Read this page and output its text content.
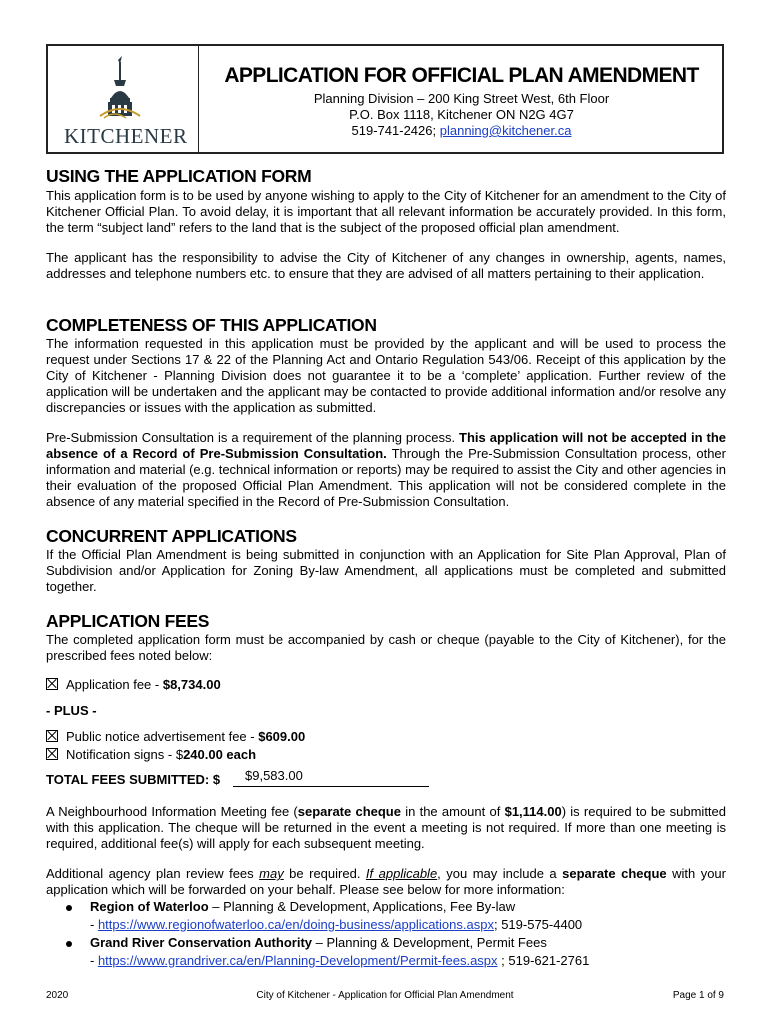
KITCHENER
APPLICATION FOR OFFICIAL PLAN AMENDMENT
Planning Division – 200 King Street West, 6th Floor
P.O. Box 1118, Kitchener ON N2G 4G7
519-741-2426; planning@kitchener.ca
USING THE APPLICATION FORM
This application form is to be used by anyone wishing to apply to the City of Kitchener for an amendment to the City of Kitchener Official Plan. To avoid delay, it is important that all relevant information be accurately provided. In this form, the term “subject land” refers to the land that is the subject of the proposed official plan amendment.
The applicant has the responsibility to advise the City of Kitchener of any changes in ownership, agents, names, addresses and telephone numbers etc. to ensure that they are advised of all matters pertaining to their application.
COMPLETENESS OF THIS APPLICATION
The information requested in this application must be provided by the applicant and will be used to process the request under Sections 17 & 22 of the Planning Act and Ontario Regulation 543/06. Receipt of this application by the City of Kitchener - Planning Division does not guarantee it to be a ‘complete’ application. Further review of the application will be undertaken and the applicant may be contacted to provide additional information and/or resolve any discrepancies or issues with the application as submitted.
Pre-Submission Consultation is a requirement of the planning process. This application will not be accepted in the absence of a Record of Pre-Submission Consultation. Through the Pre-Submission Consultation process, other information and material (e.g. technical information or reports) may be required to assist the City and other agencies in their evaluation of the proposed Official Plan Amendment. This application will not be considered complete in the absence of any material specified in the Record of Pre-Submission Consultation.
CONCURRENT APPLICATIONS
If the Official Plan Amendment is being submitted in conjunction with an Application for Site Plan Approval, Plan of Subdivision and/or Application for Zoning By-law Amendment, all applications must be completed and submitted together.
APPLICATION FEES
The completed application form must be accompanied by cash or cheque (payable to the City of Kitchener), for the prescribed fees noted below:
Application fee - $8,734.00
- PLUS -
Public notice advertisement fee - $609.00
Notification signs - $240.00 each
TOTAL FEES SUBMITTED: $ $9,583.00
A Neighbourhood Information Meeting fee (separate cheque in the amount of $1,114.00) is required to be submitted with this application. The cheque will be returned in the event a meeting is not required. If more than one meeting is required, additional fee(s) will apply for each subsequent meeting.
Additional agency plan review fees may be required. If applicable, you may include a separate cheque with your application which will be forwarded on your behalf. Please see below for more information:
Region of Waterloo – Planning & Development, Applications, Fee By-law
- https://www.regionofwaterloo.ca/en/doing-business/applications.aspx; 519-575-4400
Grand River Conservation Authority – Planning & Development, Permit Fees
- https://www.grandriver.ca/en/Planning-Development/Permit-fees.aspx ; 519-621-2761
2020	City of Kitchener - Application for Official Plan Amendment	Page 1 of 9
